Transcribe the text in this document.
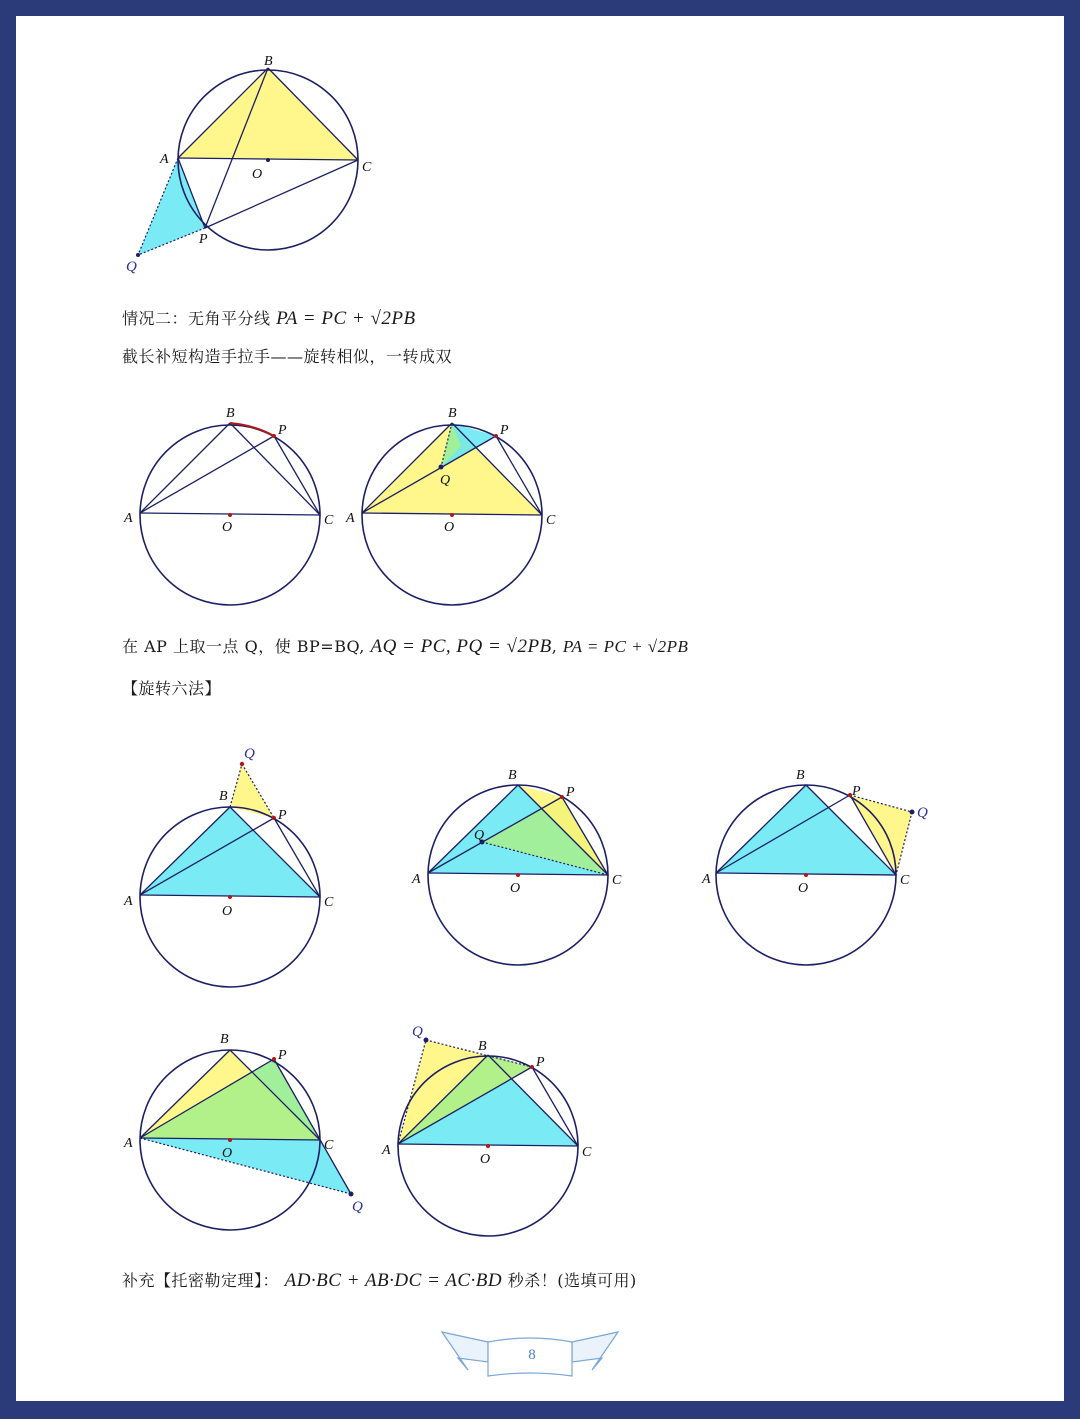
B
A
C
O
P
Q
情况二：无角平分线 PA = PC + √2PB
截长补短构造手拉手——旋转相似，一转成双
B
P
A	C
O
B
P
Q
A	C
O
在 AP 上取一点 Q，使 BP=BQ, AQ = PC, PQ = √2PB, PA = PC + √2PB
【旋转六法】
Q
B
P
A	C
O
B
P
Q
A	C
O
B
P
Q
A	C
O
B
P
A	C
O
Q
Q
B
P
A	C
O
补充【托密勒定理】： AD·BC + AB·DC = AC·BD 秒杀！(选填可用)
8
